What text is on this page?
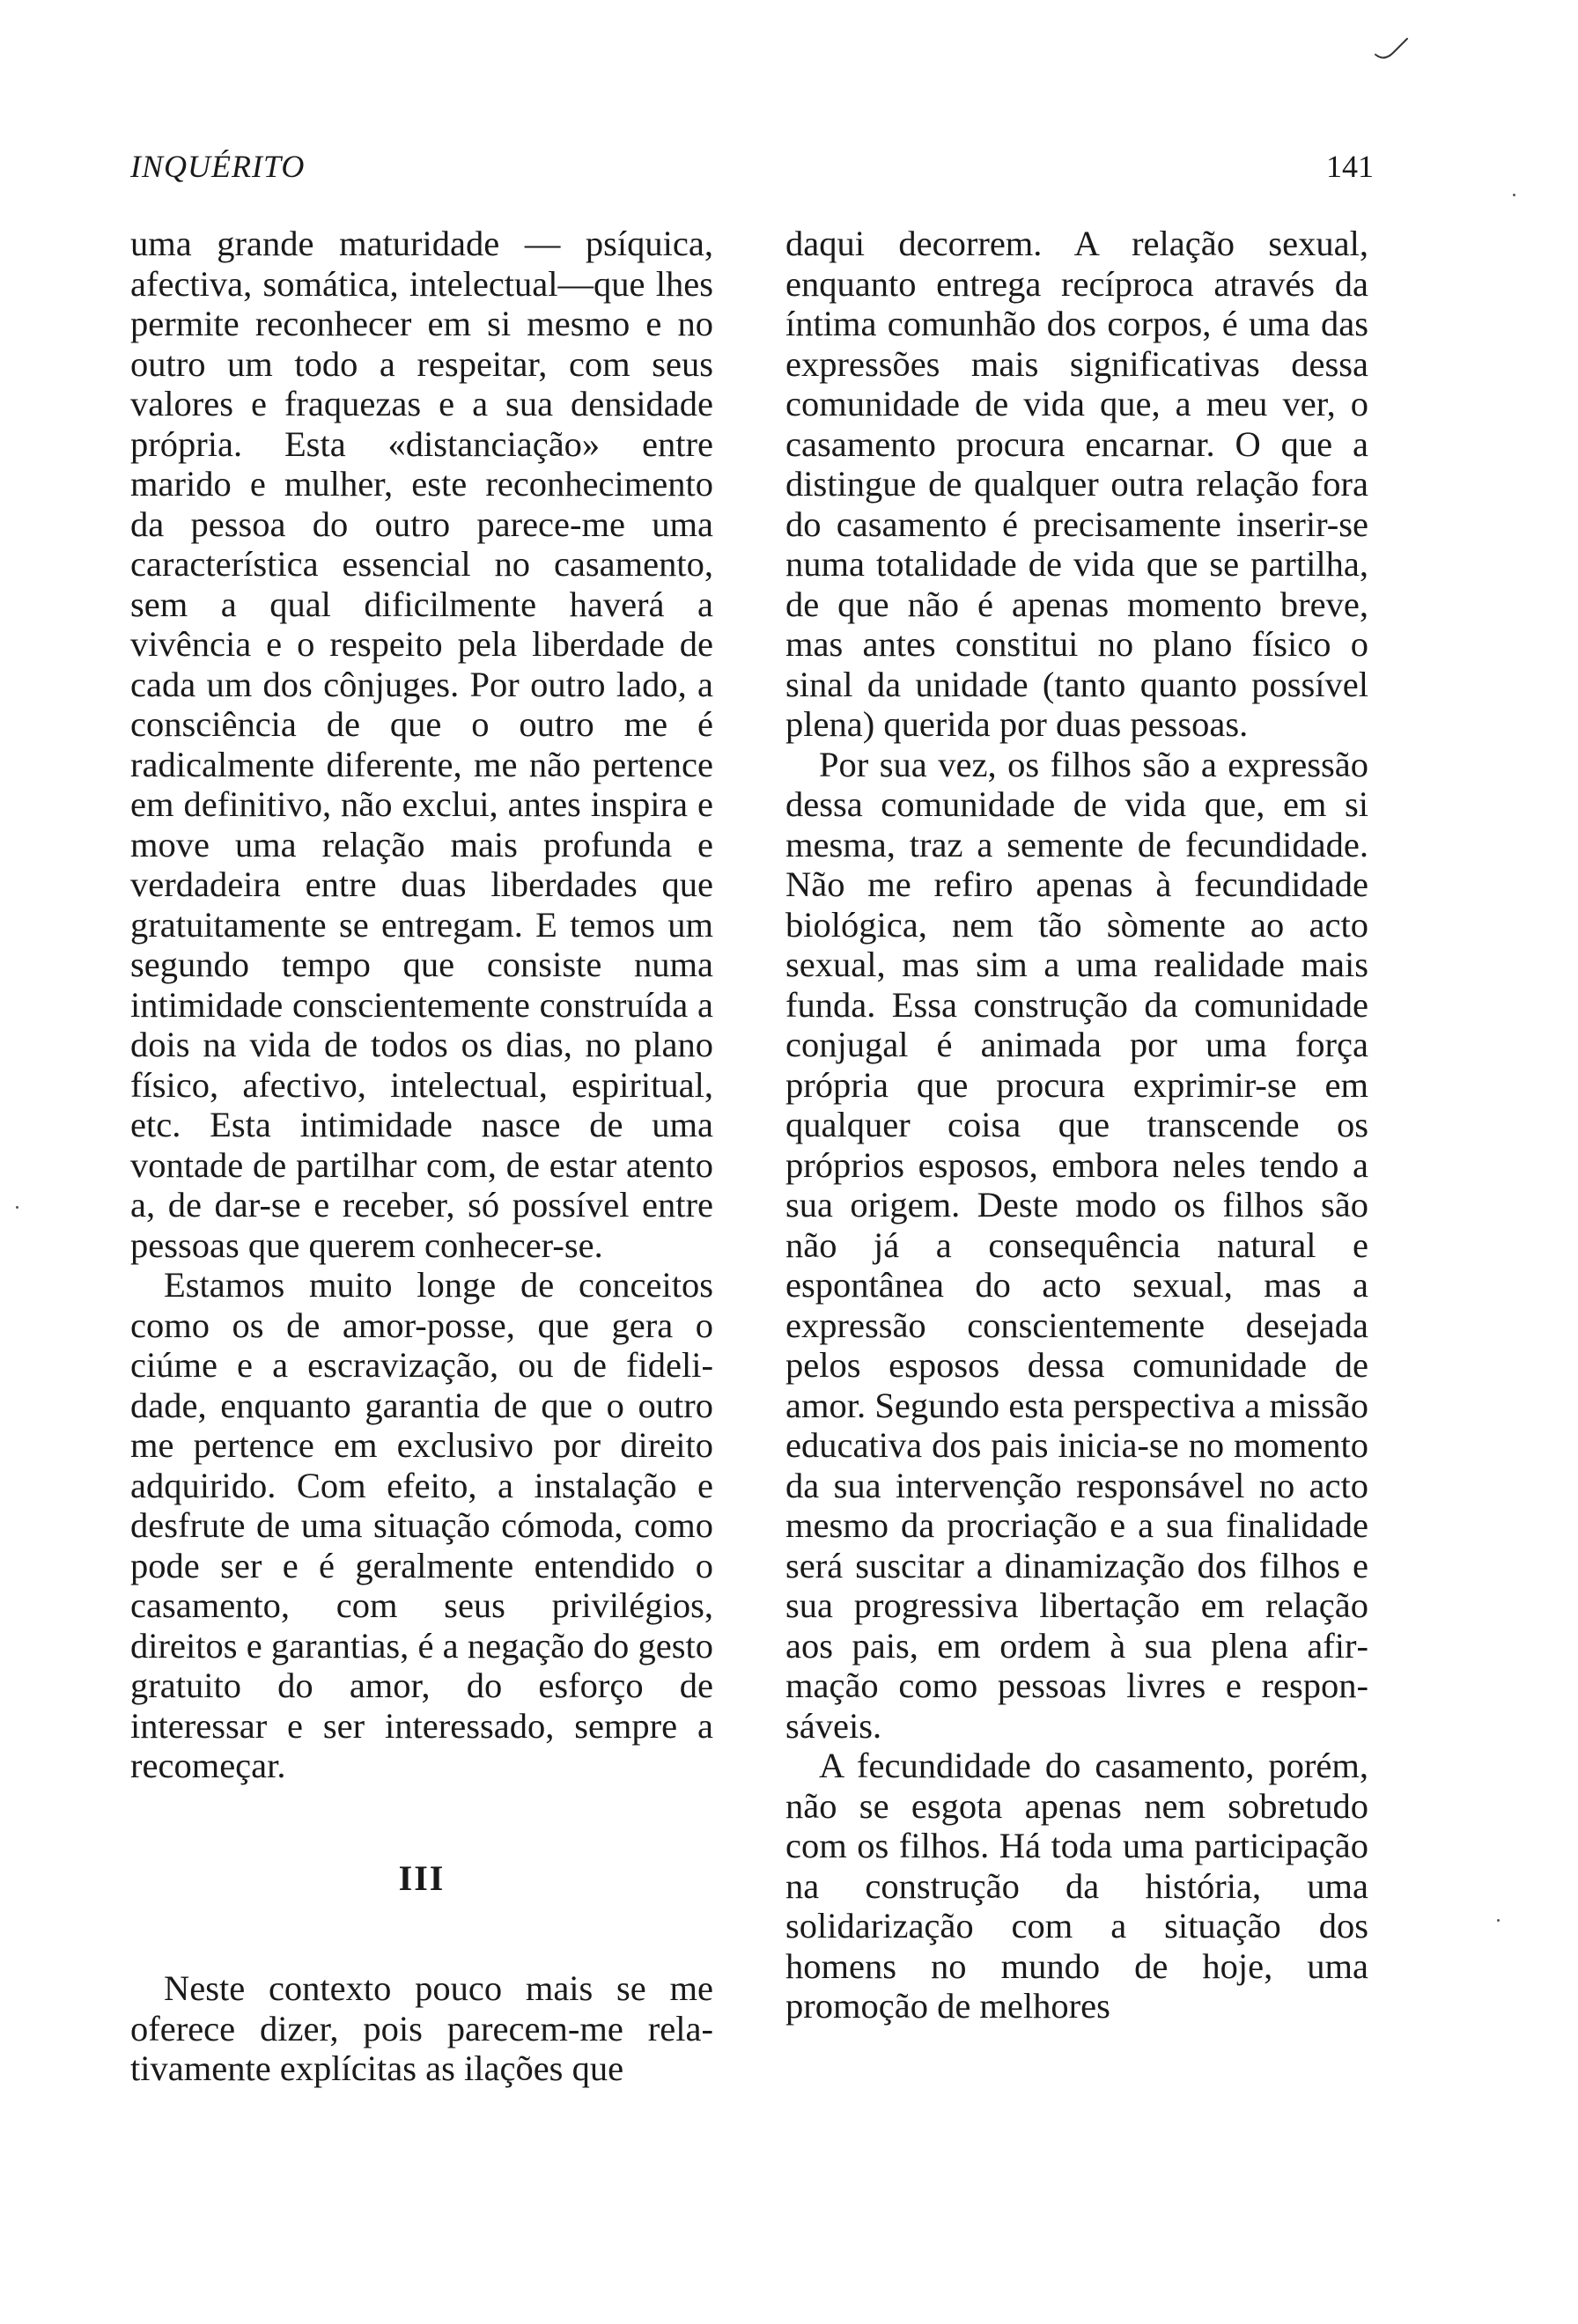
INQUÉRITO	141

uma grande maturidade — psíquica, afectiva, somática, intelectual—que lhes permite reconhecer em si mesmo e no outro um todo a respeitar, com seus valores e fraquezas e a sua densidade própria. Esta «distanciação» entre marido e mulher, este reconhecimento da pessoa do outro parece-me uma característica essencial no casamento, sem a qual dificilmente haverá a vivência e o respeito pela liberdade de cada um dos cônjuges. Por outro lado, a consciência de que o outro me é radicalmente diferente, me não pertence em definitivo, não exclui, antes inspira e move uma relação mais profunda e verdadeira entre duas liberdades que gratuitamente se entregam. E temos um segundo tempo que consiste numa intimidade conscientemente construída a dois na vida de todos os dias, no plano físico, afectivo, intelectual, espiritual, etc. Esta intimidade nasce de uma vontade de partilhar com, de estar atento a, de dar-se e receber, só possível entre pessoas que querem conhecer-se.

Estamos muito longe de conceitos como os de amor-posse, que gera o ciúme e a escravização, ou de fidelidade, enquanto garantia de que o outro me pertence em exclusivo por direito adquirido. Com efeito, a instalação e desfrute de uma situação cómoda, como pode ser e é geralmente entendido o casamento, com seus privilégios, direitos e garantias, é a negação do gesto gratuito do amor, do esforço de interessar e ser interessado, sempre a recomeçar.

III

Neste contexto pouco mais se me oferece dizer, pois parecem-me relativamente explícitas as ilações que

daqui decorrem. A relação sexual, enquanto entrega recíproca através da íntima comunhão dos corpos, é uma das expressões mais significativas dessa comunidade de vida que, a meu ver, o casamento procura encarnar. O que a distingue de qualquer outra relação fora do casamento é precisamente inserir-se numa totalidade de vida que se partilha, de que não é apenas momento breve, mas antes constitui no plano físico o sinal da unidade (tanto quanto possível plena) querida por duas pessoas.

Por sua vez, os filhos são a expressão dessa comunidade de vida que, em si mesma, traz a semente de fecundidade. Não me refiro apenas à fecundidade biológica, nem tão sòmente ao acto sexual, mas sim a uma realidade mais funda. Essa construção da comunidade conjugal é animada por uma força própria que procura exprimir-se em qualquer coisa que transcende os próprios esposos, embora neles tendo a sua origem. Deste modo os filhos são não já a consequência natural e espontânea do acto sexual, mas a expressão conscientemente desejada pelos esposos dessa comunidade de amor. Segundo esta perspectiva a missão educativa dos pais inicia-se no momento da sua intervenção responsável no acto mesmo da procriação e a sua finalidade será suscitar a dinamização dos filhos e sua progressiva libertação em relação aos pais, em ordem à sua plena afirmação como pessoas livres e responsáveis.

A fecundidade do casamento, porém, não se esgota apenas nem sobretudo com os filhos. Há toda uma participação na construção da história, uma solidarização com a situação dos homens no mundo de hoje, uma promoção de melhores
